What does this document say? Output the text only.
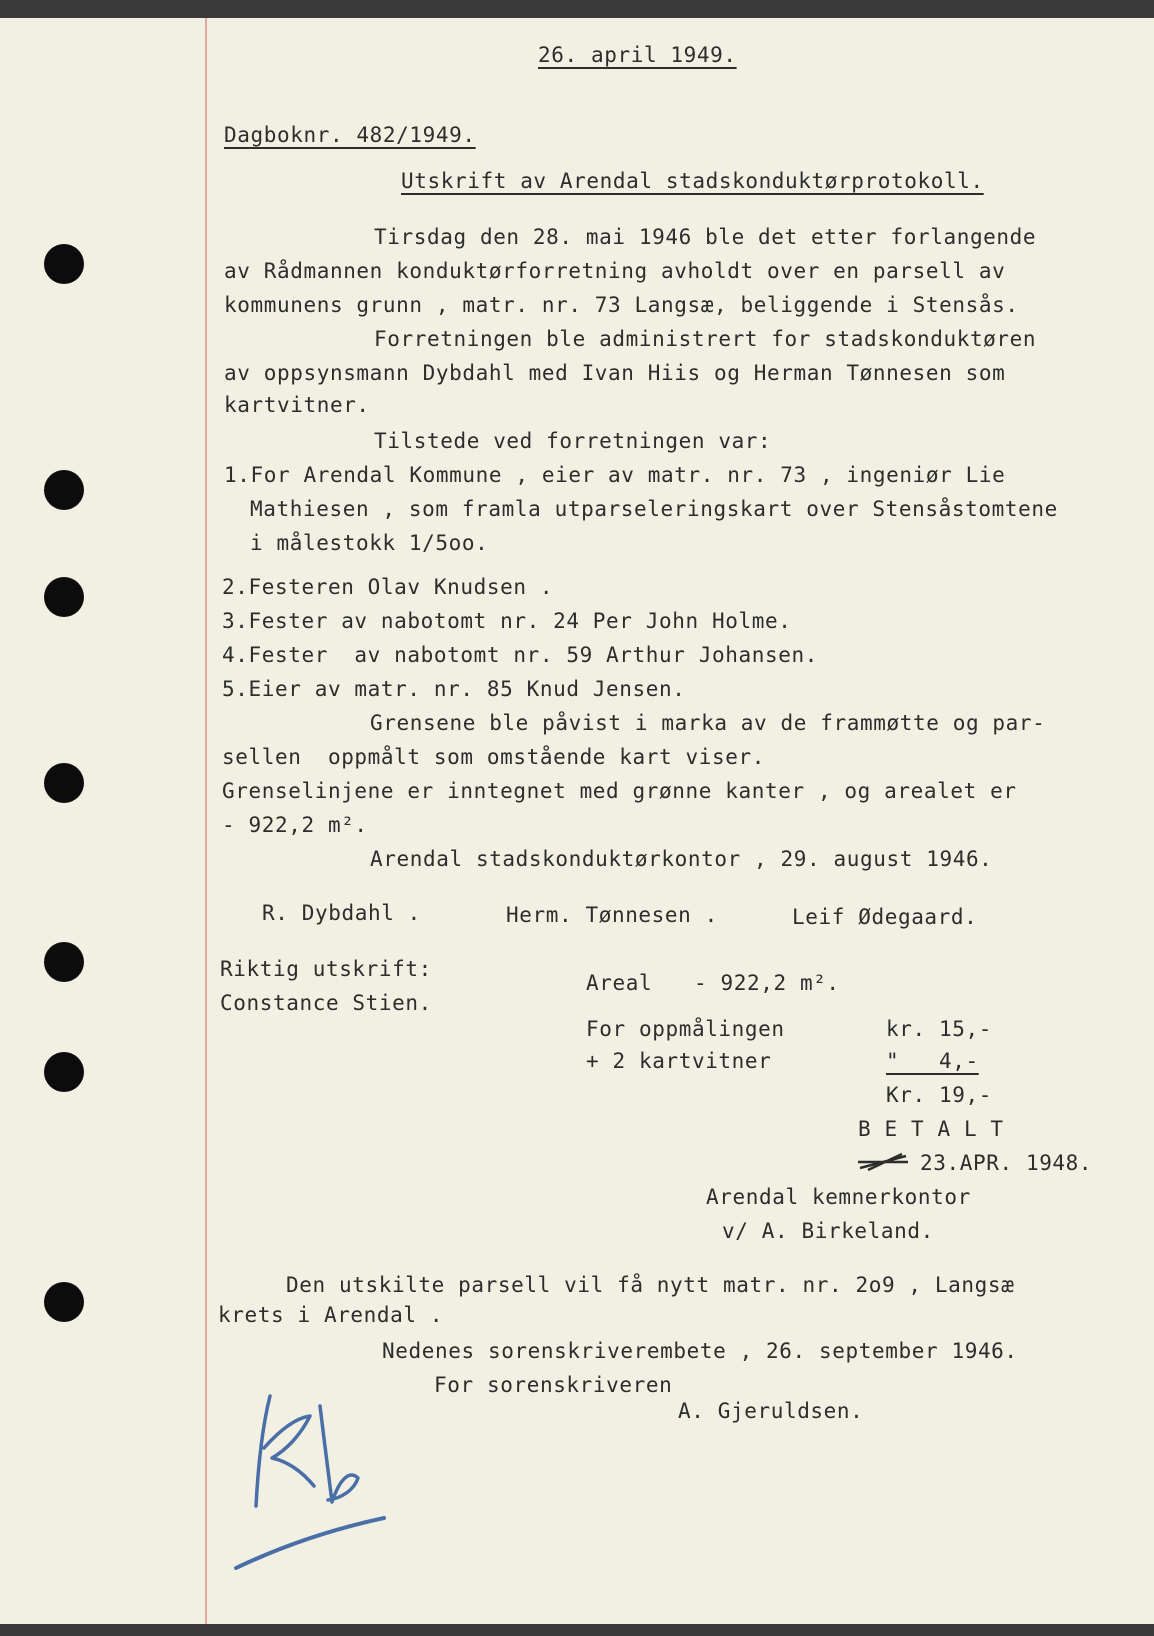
26. april 1949.

Dagboknr. 482/1949.

Utskrift av Arendal stadskonduktørprotokoll.

Tirsdag den 28. mai 1946 ble det etter forlangende

av Rådmannen konduktørforretning avholdt over en parsell av

kommunens grunn , matr. nr. 73 Langsæ, beliggende i Stensås.

Forretningen ble administrert for stadskonduktøren

av oppsynsmann Dybdahl med Ivan Hiis og Herman Tønnesen som

kartvitner.

Tilstede ved forretningen var:

1.For Arendal Kommune , eier av matr. nr. 73 , ingeniør Lie

Mathiesen , som framla utparseleringskart over Stensåstomtene

i målestokk 1/5oo.

2.Festeren Olav Knudsen .

3.Fester av nabotomt nr. 24 Per John Holme.

4.Fester  av nabotomt nr. 59 Arthur Johansen.

5.Eier av matr. nr. 85 Knud Jensen.

Grensene ble påvist i marka av de frammøtte og par-

sellen  oppmålt som omstående kart viser.

Grenselinjene er inntegnet med grønne kanter , og arealet er

- 922,2 m².

Arendal stadskonduktørkontor , 29. august 1946.

R. Dybdahl .	Herm. Tønnesen .	Leif Ødegaard.

Riktig utskrift:

Constance Stien.

Areal - 922,2 m².

For oppmålingen	kr. 15,-

+ 2 kartvitner	"   4,-

Kr. 19,-

B E T A L T

23.APR. 1948.

Arendal kemnerkontor

v/ A. Birkeland.

Den utskilte parsell vil få nytt matr. nr. 2o9 , Langsæ

krets i Arendal .

Nedenes sorenskriverembete , 26. september 1946.

For sorenskriveren

A. Gjeruldsen.
